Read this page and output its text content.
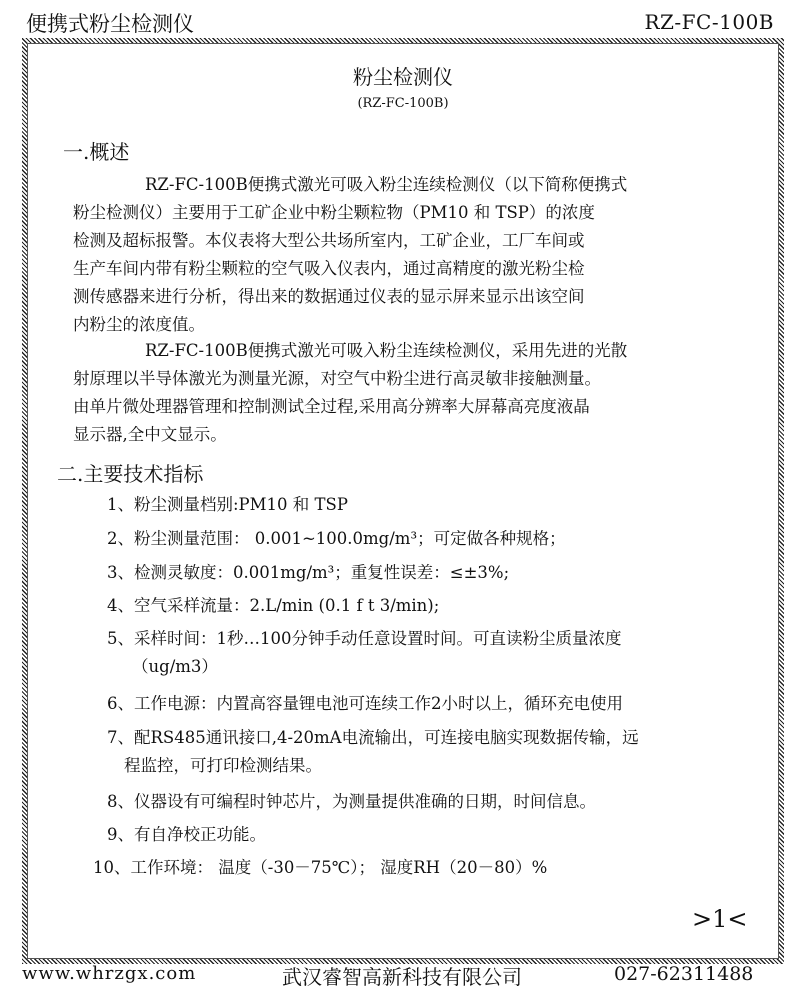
便携式粉尘检测仪	RZ-FC-100B
粉尘检测仪
(RZ-FC-100B)
一.概述
RZ-FC-100B便携式激光可吸入粉尘连续检测仪（以下简称便携式
粉尘检测仪）主要用于工矿企业中粉尘颗粒物（PM10 和 TSP）的浓度
检测及超标报警。本仪表将大型公共场所室内，工矿企业，工厂车间或
生产车间内带有粉尘颗粒的空气吸入仪表内，通过高精度的激光粉尘检
测传感器来进行分析，得出来的数据通过仪表的显示屏来显示出该空间
内粉尘的浓度值。
RZ-FC-100B便携式激光可吸入粉尘连续检测仪，采用先进的光散
射原理以半导体激光为测量光源，对空气中粉尘进行高灵敏非接触测量。
由单片微处理器管理和控制测试全过程,采用高分辨率大屏幕高亮度液晶
显示器,全中文显示。
二.主要技术指标
1、粉尘测量档别:PM10 和 TSP
2、粉尘测量范围： 0.001~100.0mg/m³；可定做各种规格；
3、检测灵敏度：0.001mg/m³；重复性误差：≤±3%;
4、空气采样流量：2.L/min (0.1 f t 3/min);
5、采样时间：1秒…100分钟手动任意设置时间。可直读粉尘质量浓度
（ug/m3）
6、工作电源：内置高容量锂电池可连续工作2小时以上，循环充电使用
7、配RS485通讯接口,4-20mA电流输出，可连接电脑实现数据传输，远
程监控，可打印检测结果。
8、仪器设有可编程时钟芯片，为测量提供准确的日期，时间信息。
9、有自净校正功能。
10、工作环境： 温度（-30－75℃）； 湿度RH（20－80）%
>1<
www.whrzgx.com	武汉睿智高新科技有限公司	027-62311488
